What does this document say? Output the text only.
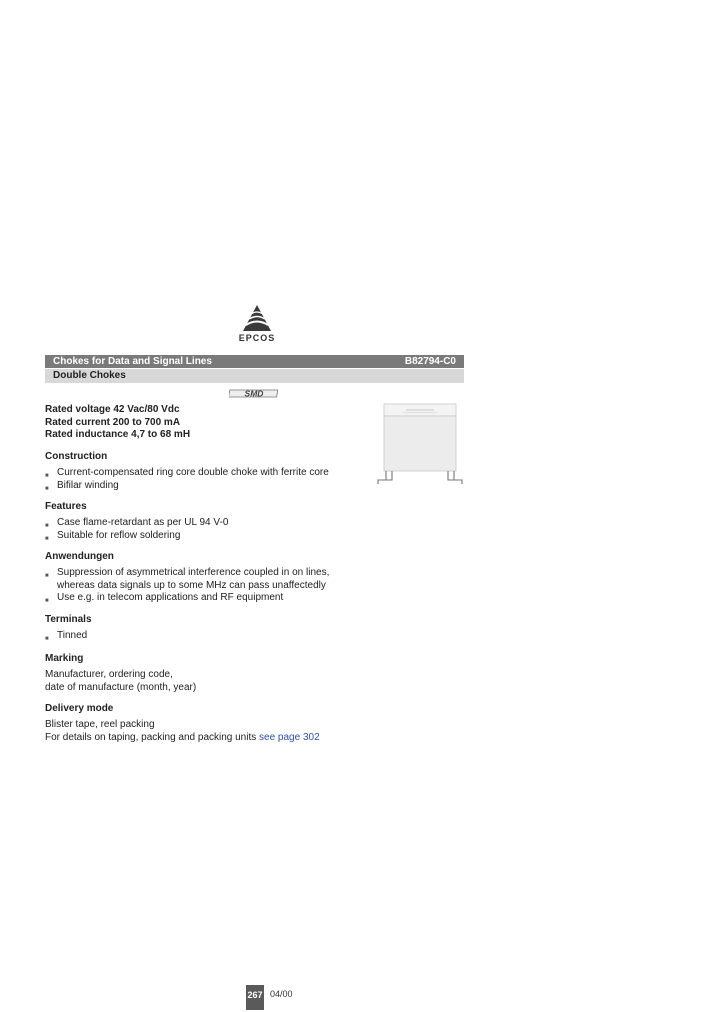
EPCOS
Chokes for Data and Signal Lines	B82794-C0
Double Chokes
SMD
Rated voltage 42 Vac/80 Vdc
Rated current 200 to 700 mA
Rated inductance 4,7 to 68 mH
Construction
■ Current-compensated ring core double choke with ferrite core
■ Bifilar winding
Features
■ Case flame-retardant as per UL 94 V-0
■ Suitable for reflow soldering
Anwendungen
■ Suppression of asymmetrical interference coupled in on lines,
whereas data signals up to some MHz can pass unaffectedly
■ Use e.g. in telecom applications and RF equipment
Terminals
■ Tinned
Marking
Manufacturer, ordering code,
date of manufacture (month, year)
Delivery mode
Blister tape, reel packing
For details on taping, packing and packing units see page 302
267 04/00
